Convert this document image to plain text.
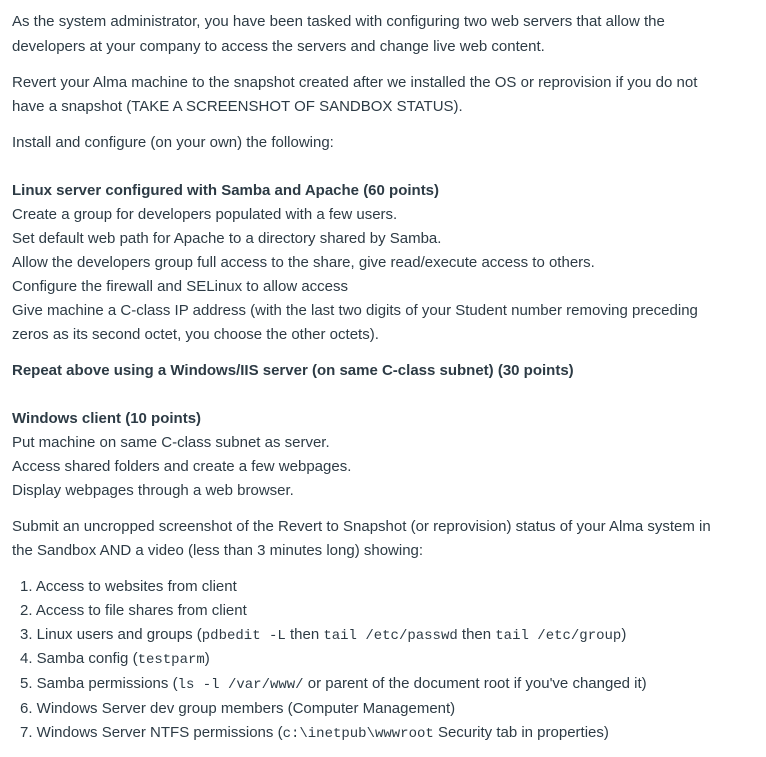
As the system administrator, you have been tasked with configuring two web servers that allow the
developers at your company to access the servers and change live web content.
Revert your Alma machine to the snapshot created after we installed the OS or reprovision if you do not
have a snapshot (TAKE A SCREENSHOT OF SANDBOX STATUS).
Install and configure (on your own) the following:
Linux server configured with Samba and Apache (60 points)
Create a group for developers populated with a few users.
Set default web path for Apache to a directory shared by Samba.
Allow the developers group full access to the share, give read/execute access to others.
Configure the firewall and SELinux to allow access
Give machine a C-class IP address (with the last two digits of your Student number removing preceding
zeros as its second octet, you choose the other octets).
Repeat above using a Windows/IIS server (on same C-class subnet) (30 points)
Windows client (10 points)
Put machine on same C-class subnet as server.
Access shared folders and create a few webpages.
Display webpages through a web browser.
Submit an uncropped screenshot of the Revert to Snapshot (or reprovision) status of your Alma system in
the Sandbox AND a video (less than 3 minutes long) showing:
1. Access to websites from client
2. Access to file shares from client
3. Linux users and groups (pdbedit -L then tail /etc/passwd then tail /etc/group)
4. Samba config (testparm)
5. Samba permissions (ls -l /var/www/ or parent of the document root if you've changed it)
6. Windows Server dev group members (Computer Management)
7. Windows Server NTFS permissions (c:\inetpub\wwwroot Security tab in properties)
